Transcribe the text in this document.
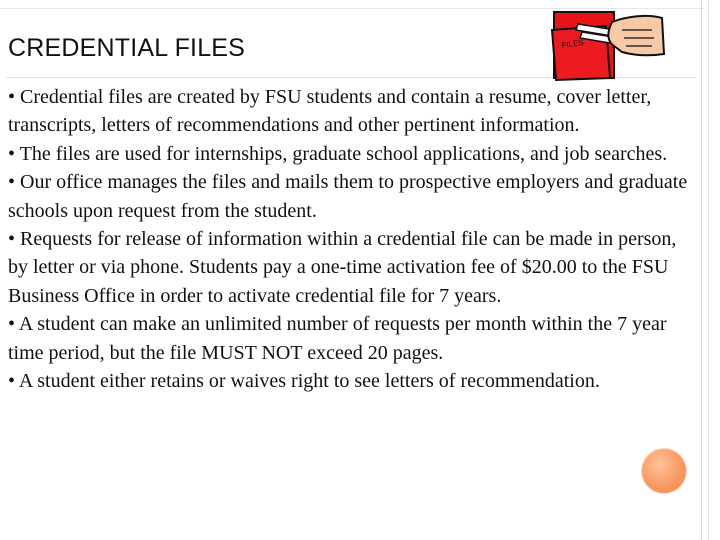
CREDENTIAL FILES	FILES
• Credential files are created by FSU students and contain a resume, cover letter, transcripts, letters of recommendations and other pertinent information.
• The files are used for internships, graduate school applications, and job searches.
• Our office manages the files and mails them to prospective employers and graduate schools upon request from the student.
• Requests for release of information within a credential file can be made in person, by letter or via phone. Students pay a one-time activation fee of $20.00 to the FSU Business Office in order to activate credential file for 7 years.
• A student can make an unlimited number of requests per month within the 7 year time period, but the file MUST NOT exceed 20 pages.
• A student either retains or waives right to see letters of recommendation.
